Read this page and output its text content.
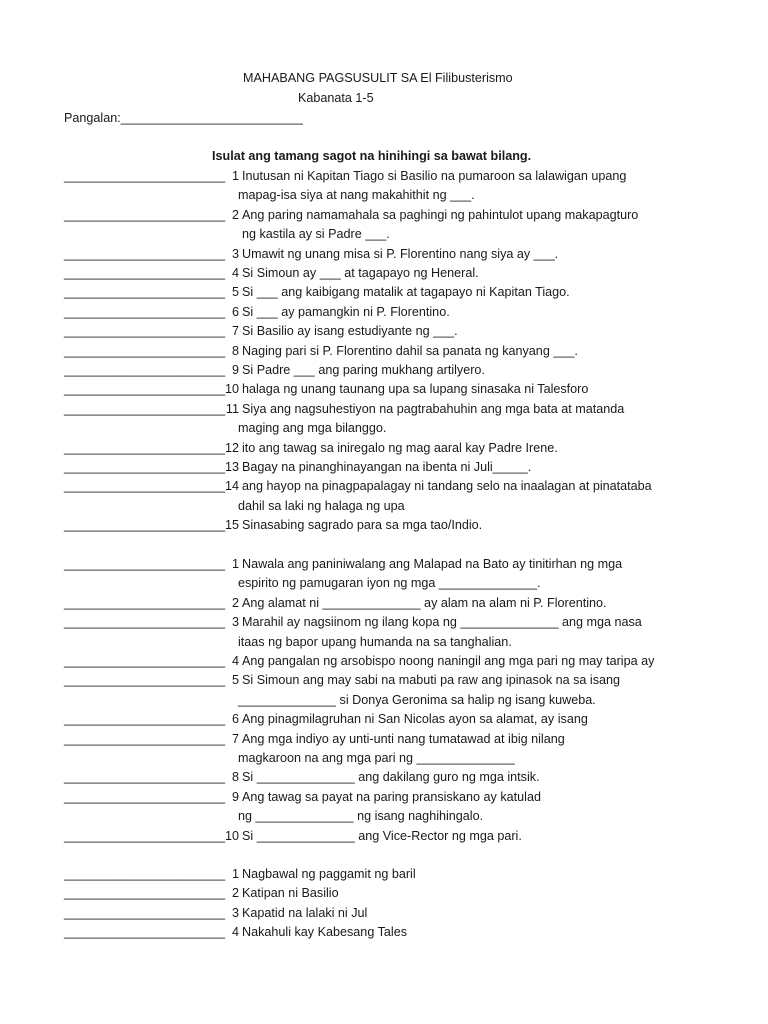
MAHABANG PAGSUSULIT SA El Filibusterismo
Kabanata 1-5
Pangalan:__________________________
Isulat ang tamang sagot na hinihingi sa bawat bilang.
_______________________ 1 Inutusan ni Kapitan Tiago si Basilio na pumaroon sa lalawigan upang
mapag-isa siya at nang makahithit ng ___.
_______________________ 2 Ang paring namamahala sa paghingi ng pahintulot upang makapagturo
ng kastila ay si Padre ___.
_______________________ 3 Umawit ng unang misa si P. Florentino nang siya ay ___.
_______________________ 4 Si Simoun ay ___ at tagapayo ng Heneral.
_______________________ 5 Si ___ ang kaibigang matalik at tagapayo ni Kapitan Tiago.
_______________________ 6 Si ___ ay pamangkin ni P. Florentino.
_______________________ 7 Si Basilio ay isang estudiyante ng ___.
_______________________ 8 Naging pari si P. Florentino dahil sa panata ng kanyang ___.
_______________________ 9 Si Padre ___ ang paring mukhang artilyero.
_______________________ 10 halaga ng unang taunang upa sa lupang sinasaka ni Talesforo
_______________________ 11 Siya ang nagsuhestiyon na pagtrabahuhin ang mga bata at matanda
maging ang mga bilanggo.
_______________________ 12 ito ang tawag sa iniregalo ng mag aaral kay Padre Irene.
_______________________ 13 Bagay na pinanghinayangan na ibenta ni Juli_____.
_______________________ 14 ang hayop na pinagpapalagay ni tandang selo na inaalagan at pinatataba
dahil sa laki ng halaga ng upa
_______________________ 15 Sinasabing sagrado para sa mga tao/Indio.
_______________________ 1 Nawala ang paniniwalang ang Malapad na Bato ay tinitirhan ng mga
espirito ng pamugaran iyon ng mga ______________.
_______________________ 2 Ang alamat ni ______________ ay alam na alam ni P. Florentino.
_______________________ 3 Marahil ay nagsiinom ng ilang kopa ng ______________ ang mga nasa
itaas ng bapor upang humanda na sa tanghalian.
_______________________ 4 Ang pangalan ng arsobispo noong naningil ang mga pari ng may taripa ay
_______________________ 5 Si Simoun ang may sabi na mabuti pa raw ang ipinasok na sa isang
______________ si Donya Geronima sa halip ng isang kuweba.
_______________________ 6 Ang pinagmilagruhan ni San Nicolas ayon sa alamat, ay isang
_______________________ 7 Ang mga indiyo ay unti-unti nang tumatawad at ibig nilang
magkaroon na ang mga pari ng ______________
_______________________ 8 Si ______________ ang dakilang guro ng mga intsik.
_______________________ 9 Ang tawag sa payat na paring pransiskano ay katulad
ng ______________ ng isang naghihingalo.
_______________________ 10 Si ______________ ang Vice-Rector ng mga pari.
_______________________ 1 Nagbawal ng paggamit ng baril
_______________________ 2 Katipan ni Basilio
_______________________ 3 Kapatid na lalaki ni Jul
_______________________ 4 Nakahuli kay Kabesang Tales
